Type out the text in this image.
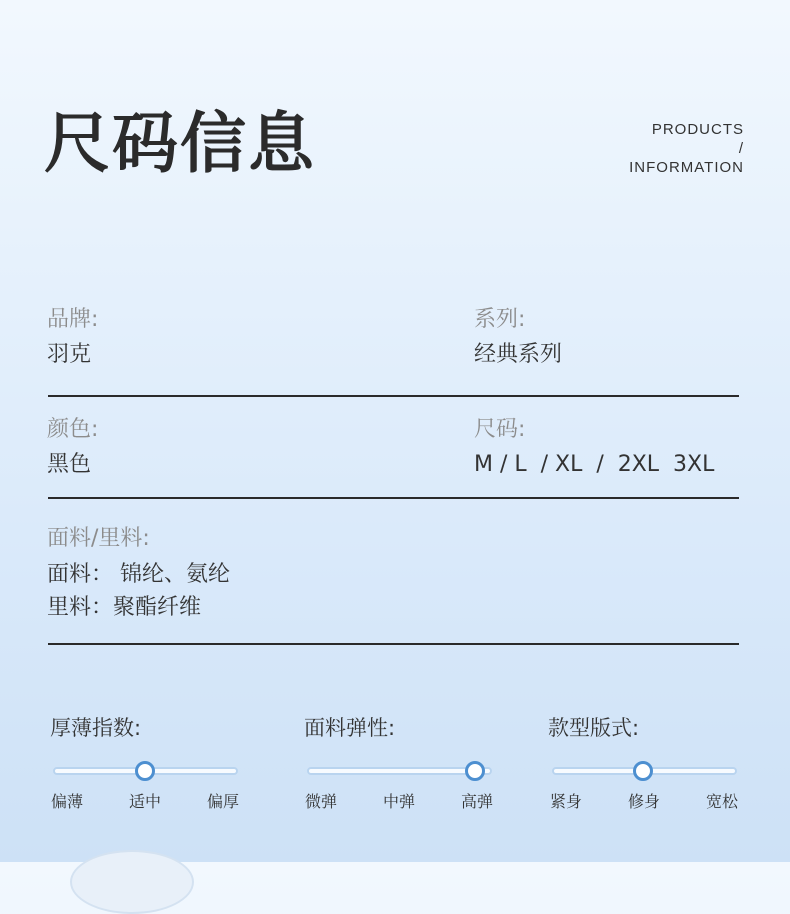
尺码信息	PRODUCTS
/
INFORMATION
品牌:
羽克
系列:
经典系列
颜色:
黑色
尺码:
M / L  / XL  /  2XL  3XL
面料/里料:
面料： 锦纶、氨纶
里料：聚酯纤维
厚薄指数:
偏薄	适中	偏厚
面料弹性:
微弹	中弹	高弹
款型版式:
紧身	修身	宽松
